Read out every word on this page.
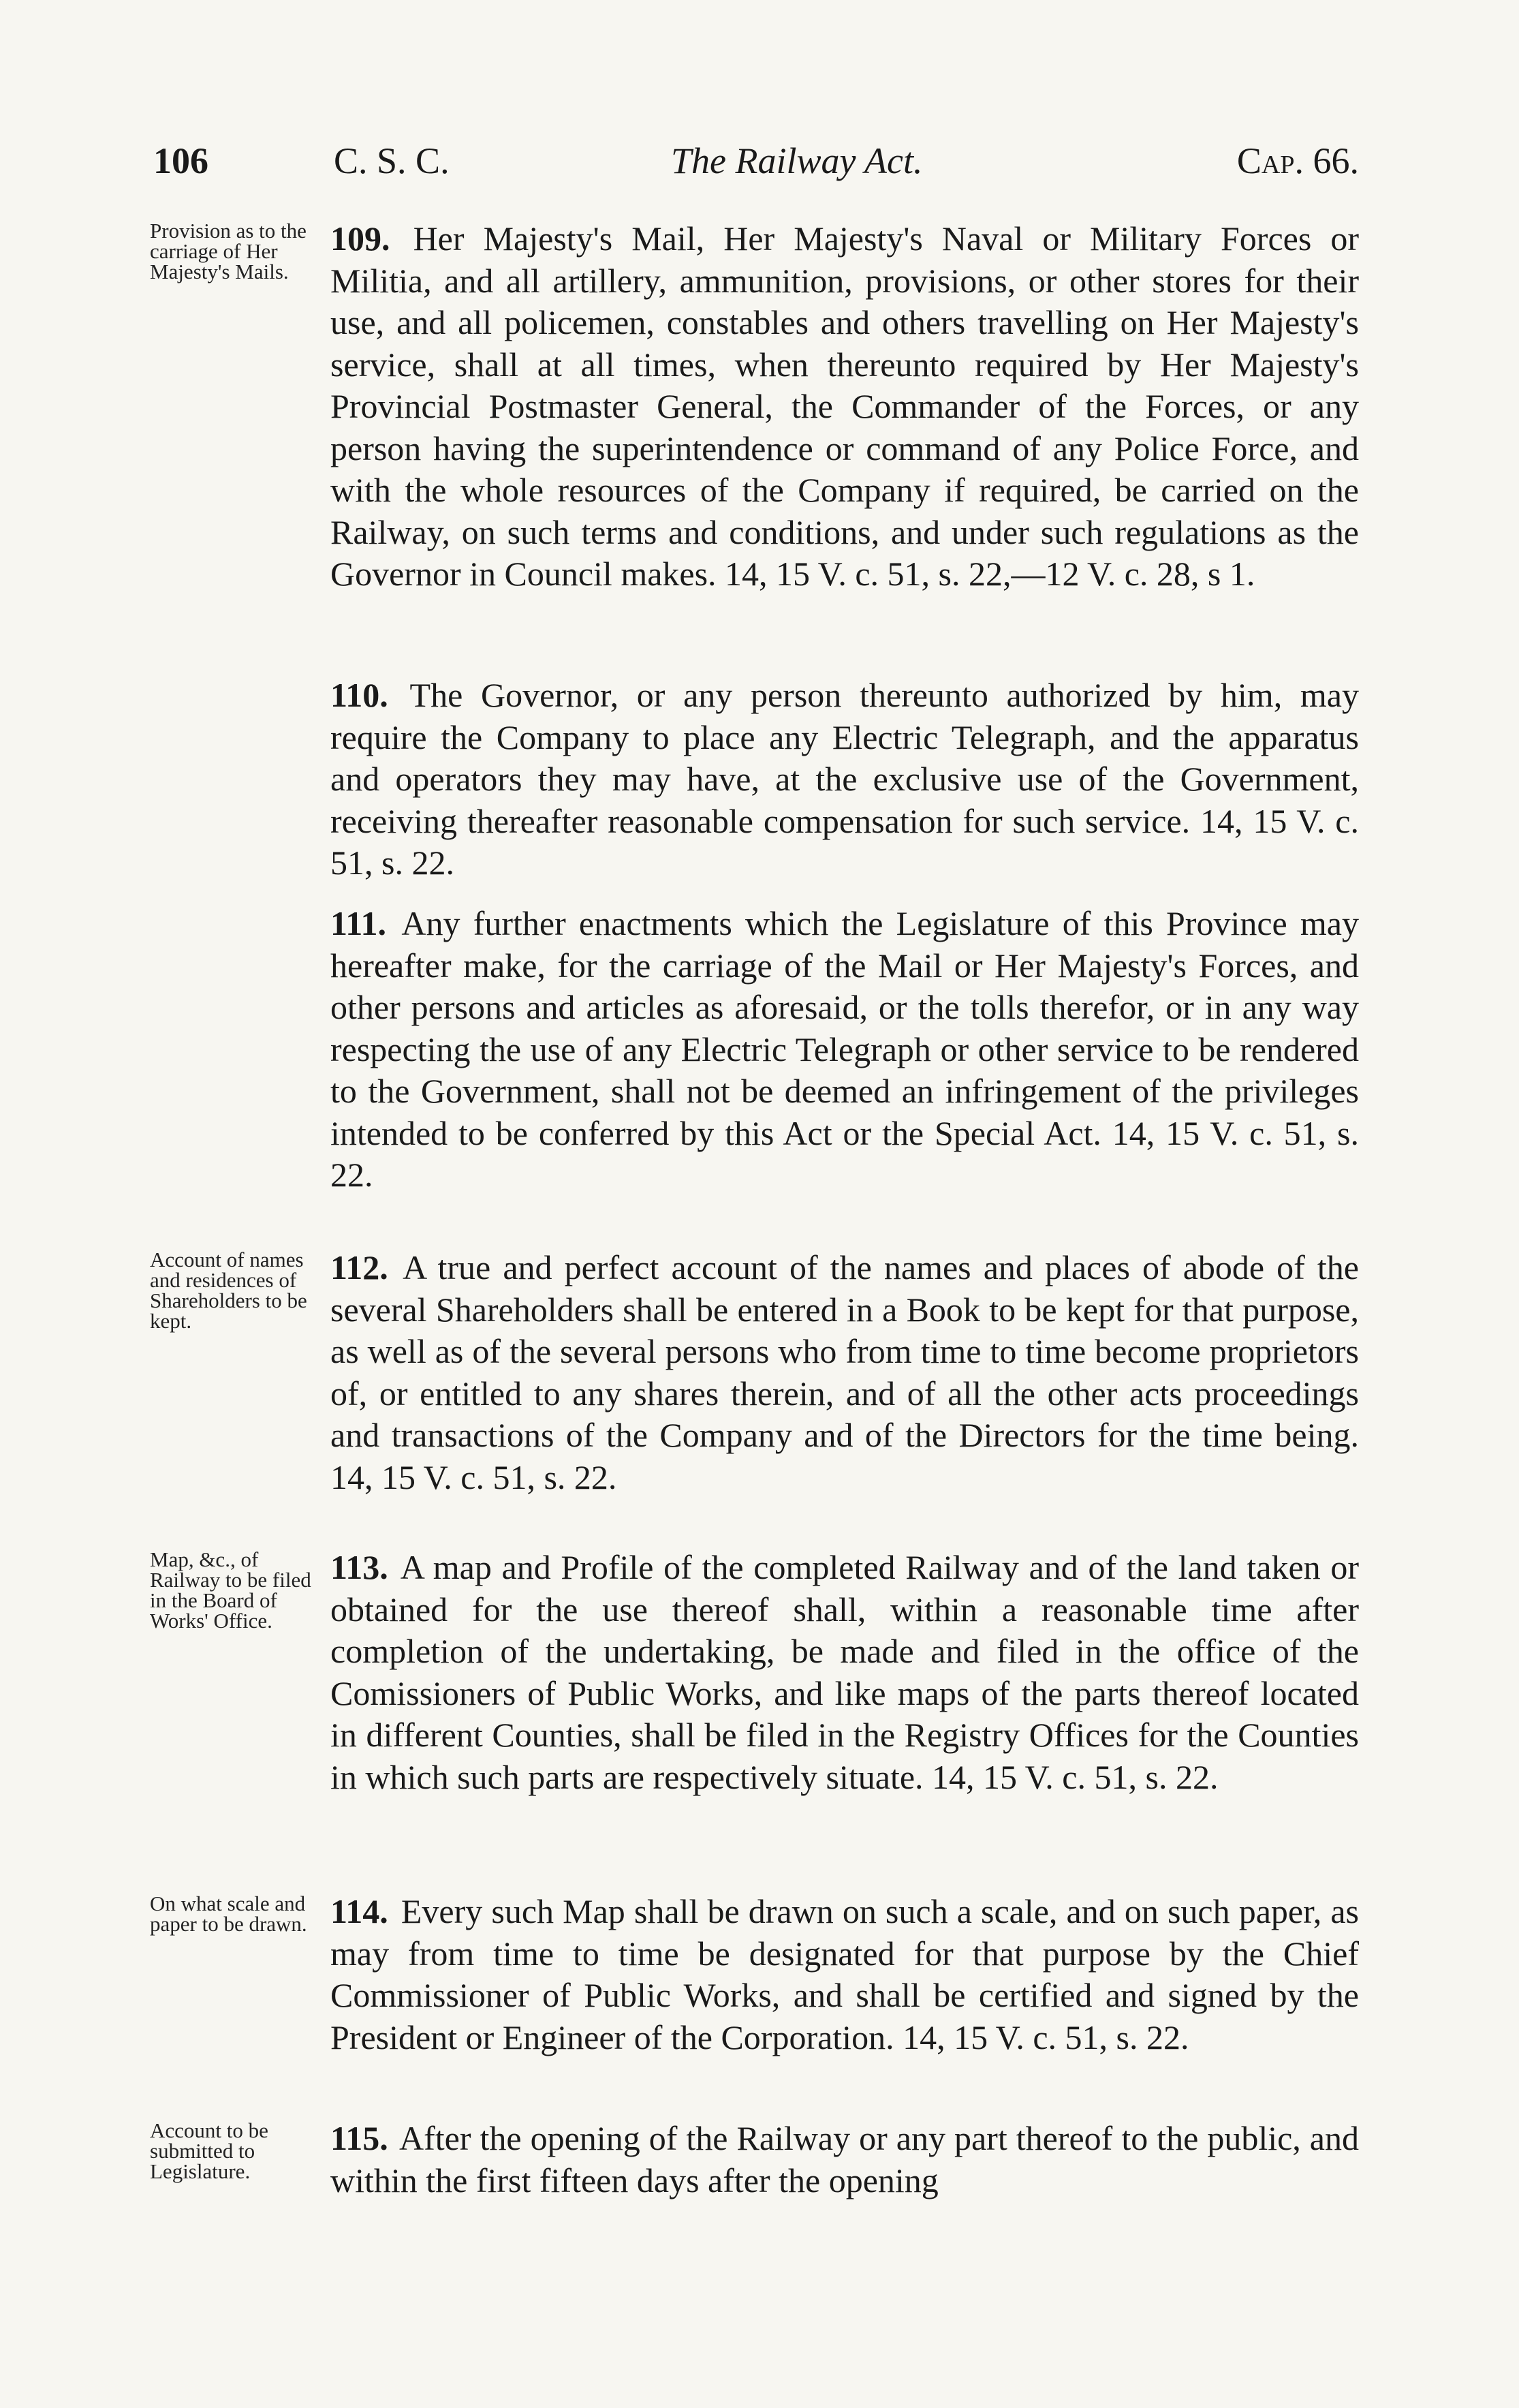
106	C. S. C.	The Railway Act.	Cap. 66.
Provision as to the carriage of Her Majesty's Mails.
109. Her Majesty's Mail, Her Majesty's Naval or Military Forces or Militia, and all artillery, ammunition, provisions, or other stores for their use, and all policemen, constables and others travelling on Her Majesty's service, shall at all times, when thereunto required by Her Majesty's Provincial Postmaster General, the Commander of the Forces, or any person having the superintendence or command of any Police Force, and with the whole resources of the Company if required, be carried on the Railway, on such terms and conditions, and under such regulations as the Governor in Council makes. 14, 15 V. c. 51, s. 22,—12 V. c. 28, s 1.
110. The Governor, or any person thereunto authorized by him, may require the Company to place any Electric Telegraph, and the apparatus and operators they may have, at the exclusive use of the Government, receiving thereafter reasonable compensation for such service. 14, 15 V. c. 51, s. 22.
111. Any further enactments which the Legislature of this Province may hereafter make, for the carriage of the Mail or Her Majesty's Forces, and other persons and articles as aforesaid, or the tolls therefor, or in any way respecting the use of any Electric Telegraph or other service to be rendered to the Government, shall not be deemed an infringement of the privileges intended to be conferred by this Act or the Special Act. 14, 15 V. c. 51, s. 22.
Account of names and residences of Shareholders to be kept.
112. A true and perfect account of the names and places of abode of the several Shareholders shall be entered in a Book to be kept for that purpose, as well as of the several persons who from time to time become proprietors of, or entitled to any shares therein, and of all the other acts proceedings and transactions of the Company and of the Directors for the time being. 14, 15 V. c. 51, s. 22.
Map, &c., of Railway to be filed in the Board of Works' Office.
113. A map and Profile of the completed Railway and of the land taken or obtained for the use thereof shall, within a reasonable time after completion of the undertaking, be made and filed in the office of the Comissioners of Public Works, and like maps of the parts thereof located in different Counties, shall be filed in the Registry Offices for the Counties in which such parts are respectively situate. 14, 15 V. c. 51, s. 22.
On what scale and paper to be drawn. 114. Every such Map shall be drawn on such a scale, and on such paper, as may from time to time be designated for that purpose by the Chief Commissioner of Public Works, and shall be certified and signed by the President or Engineer of the Corporation. 14, 15 V. c. 51, s. 22.
Account to be submitted to Legislature.
115. After the opening of the Railway or any part thereof to the public, and within the first fifteen days after the opening
